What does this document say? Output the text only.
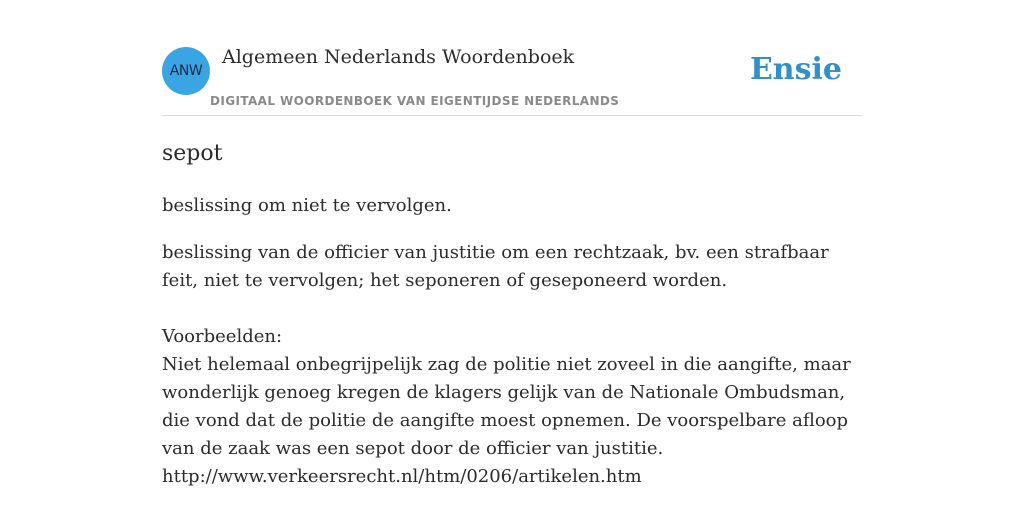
ANW
Algemeen Nederlands Woordenboek
DIGITAAL WOORDENBOEK VAN EIGENTIJDSE NEDERLANDS
Ensie
sepot
beslissing om niet te vervolgen.
beslissing van de officier van justitie om een rechtzaak, bv. een strafbaar feit, niet te vervolgen; het seponeren of geseponeerd worden.
Voorbeelden:
Niet helemaal onbegrijpelijk zag de politie niet zoveel in die aangifte, maar wonderlijk genoeg kregen de klagers gelijk van de Nationale Ombudsman, die vond dat de politie de aangifte moest opnemen. De voorspelbare afloop van de zaak was een sepot door de officier van justitie.
http://www.verkeersrecht.nl/htm/0206/artikelen.htm
